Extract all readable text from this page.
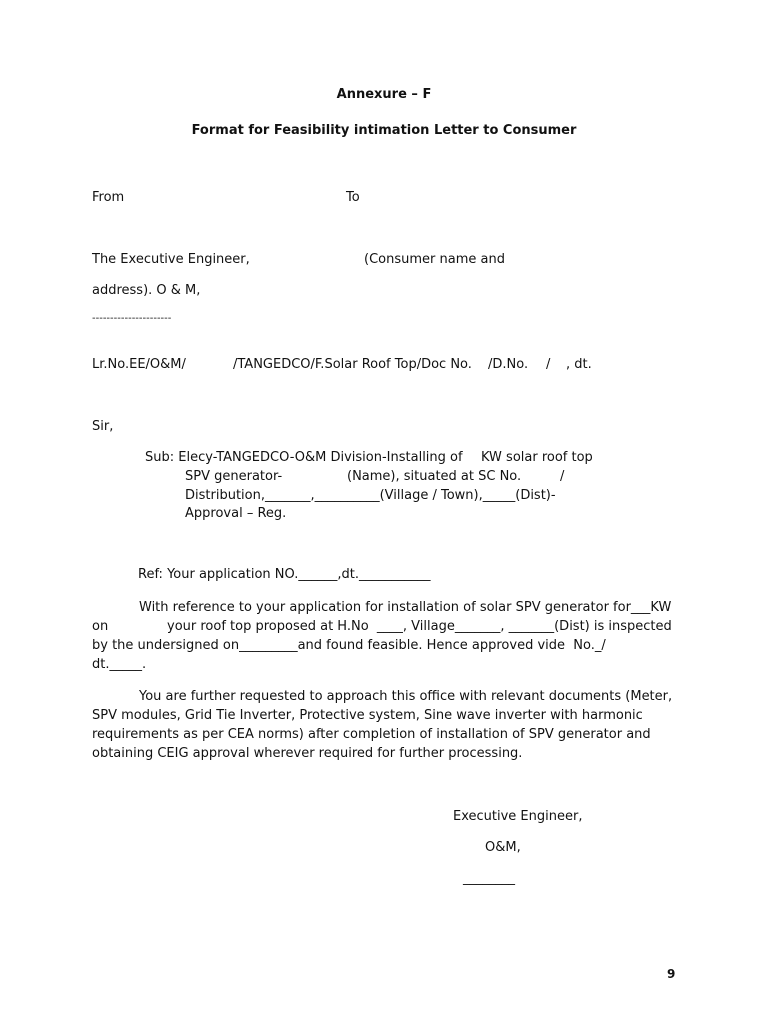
Annexure – F
Format for Feasibility intimation Letter to Consumer
From	To
The Executive Engineer,	(Consumer name and
address). O & M,
----------------------
Lr.No.EE/O&M/	/TANGEDCO/F.Solar Roof Top/Doc No. /D.No. / , dt.
Sir,
Sub: Elecy-TANGEDCO-O&M Division-Installing of KW solar roof top
SPV generator-	(Name), situated at SC No.	/
Distribution,_______,__________(Village / Town),_____(Dist)-
Approval – Reg.
Ref: Your application NO.______,dt.___________
With reference to your application for installation of solar SPV generator for___KW
on	your roof top proposed at H.No  ____, Village_______, _______(Dist) is inspected
by the undersigned on_________and found feasible. Hence approved vide  No._/
dt._____.
You are further requested to approach this office with relevant documents (Meter,
SPV modules, Grid Tie Inverter, Protective system, Sine wave inverter with harmonic
requirements as per CEA norms) after completion of installation of SPV generator and
obtaining CEIG approval wherever required for further processing.
Executive Engineer,
O&M,
________
9
